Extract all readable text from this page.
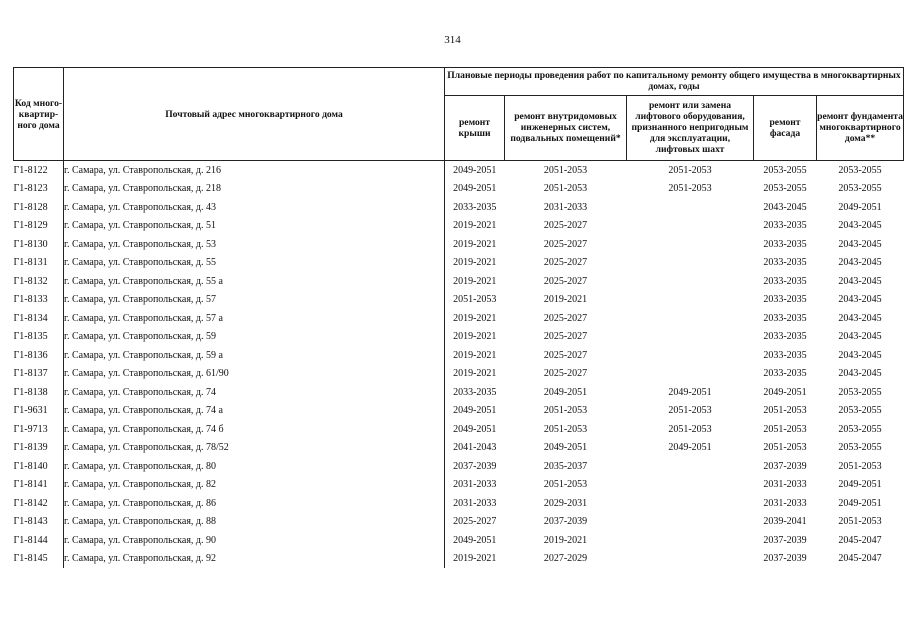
314
Код много-квартир-ного дома	Почтовый адрес многоквартирного дома	Плановые периоды проведения работ по капитальному ремонту общего имущества в многоквартирных домах, годы				
		ремонт крыши	ремонт внутридомовых инженерных систем, подвальных помещений*	ремонт или замена лифтового оборудования, признанного непригодным для эксплуатации, лифтовых шахт	ремонт фасада	ремонт фундамента многоквартирного дома**
Г1-8122	г. Самара, ул. Ставропольская, д. 216	2049-2051	2051-2053	2051-2053	2053-2055	2053-2055
Г1-8123	г. Самара, ул. Ставропольская, д. 218	2049-2051	2051-2053	2051-2053	2053-2055	2053-2055
Г1-8128	г. Самара, ул. Ставропольская, д. 43	2033-2035	2031-2033		2043-2045	2049-2051
Г1-8129	г. Самара, ул. Ставропольская, д. 51	2019-2021	2025-2027		2033-2035	2043-2045
Г1-8130	г. Самара, ул. Ставропольская, д. 53	2019-2021	2025-2027		2033-2035	2043-2045
Г1-8131	г. Самара, ул. Ставропольская, д. 55	2019-2021	2025-2027		2033-2035	2043-2045
Г1-8132	г. Самара, ул. Ставропольская, д. 55 а	2019-2021	2025-2027		2033-2035	2043-2045
Г1-8133	г. Самара, ул. Ставропольская, д. 57	2051-2053	2019-2021		2033-2035	2043-2045
Г1-8134	г. Самара, ул. Ставропольская, д. 57 а	2019-2021	2025-2027		2033-2035	2043-2045
Г1-8135	г. Самара, ул. Ставропольская, д. 59	2019-2021	2025-2027		2033-2035	2043-2045
Г1-8136	г. Самара, ул. Ставропольская, д. 59 а	2019-2021	2025-2027		2033-2035	2043-2045
Г1-8137	г. Самара, ул. Ставропольская, д. 61/90	2019-2021	2025-2027		2033-2035	2043-2045
Г1-8138	г. Самара, ул. Ставропольская, д. 74	2033-2035	2049-2051	2049-2051	2049-2051	2053-2055
Г1-9631	г. Самара, ул. Ставропольская, д. 74 а	2049-2051	2051-2053	2051-2053	2051-2053	2053-2055
Г1-9713	г. Самара, ул. Ставропольская, д. 74 б	2049-2051	2051-2053	2051-2053	2051-2053	2053-2055
Г1-8139	г. Самара, ул. Ставропольская, д. 78/52	2041-2043	2049-2051	2049-2051	2051-2053	2053-2055
Г1-8140	г. Самара, ул. Ставропольская, д. 80	2037-2039	2035-2037		2037-2039	2051-2053
Г1-8141	г. Самара, ул. Ставропольская, д. 82	2031-2033	2051-2053		2031-2033	2049-2051
Г1-8142	г. Самара, ул. Ставропольская, д. 86	2031-2033	2029-2031		2031-2033	2049-2051
Г1-8143	г. Самара, ул. Ставропольская, д. 88	2025-2027	2037-2039		2039-2041	2051-2053
Г1-8144	г. Самара, ул. Ставропольская, д. 90	2049-2051	2019-2021		2037-2039	2045-2047
Г1-8145	г. Самара, ул. Ставропольская, д. 92	2019-2021	2027-2029		2037-2039	2045-2047
